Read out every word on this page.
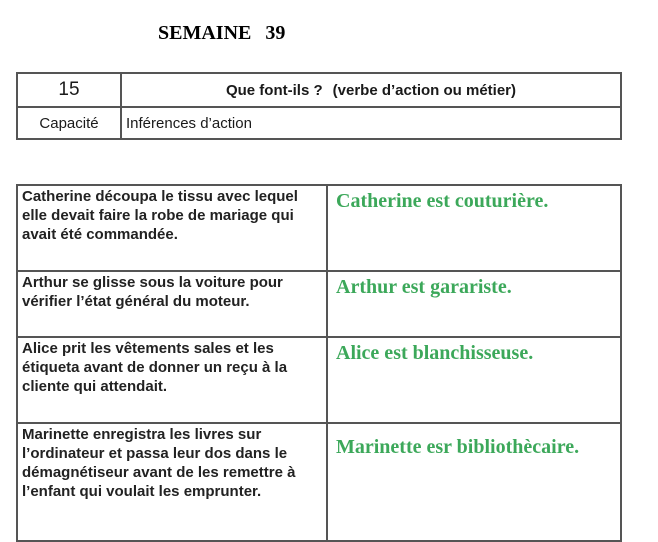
SEMAINE 39
15	Que font-ils ? (verbe d’action ou métier)
Capacité	Inférences d’action
Catherine découpa le tissu avec lequel elle devait faire la robe de mariage qui avait été commandée.	Catherine est couturière.
Arthur se glisse sous la voiture pour vérifier l’état général du moteur.	Arthur est garariste.
Alice prit les vêtements sales et les étiqueta avant de donner un reçu à la cliente qui attendait.	Alice est blanchisseuse.
Marinette enregistra les livres sur l’ordinateur et passa leur dos dans le démagnétiseur avant de les remettre à l’enfant qui voulait les emprunter.	Marinette esr bibliothècaire.
